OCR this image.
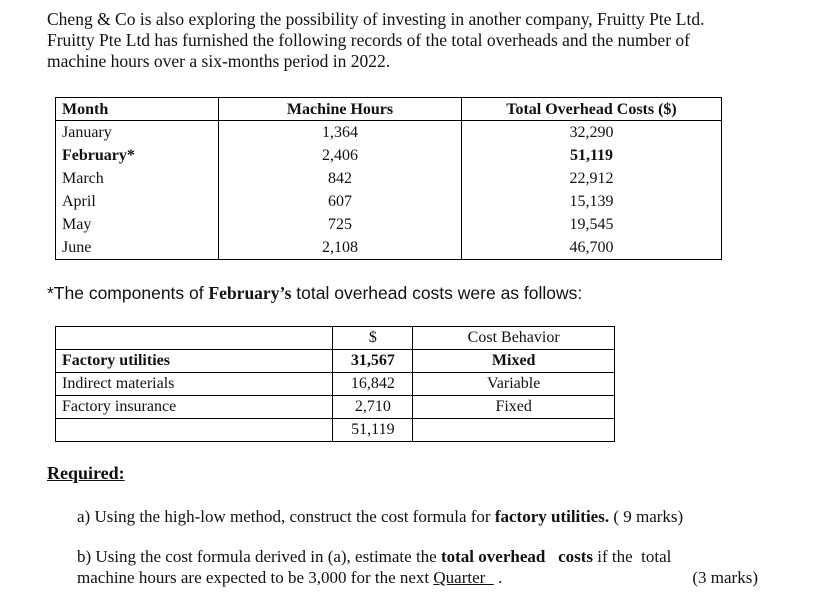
Cheng & Co is also exploring the possibility of investing in another company, Fruitty Pte Ltd.
Fruitty Pte Ltd has furnished the following records of the total overheads and the number of
machine hours over a six-months period in 2022.
Month	Machine Hours	Total Overhead Costs ($)
January	1,364	32,290
February*	2,406	51,119
March	842	22,912
April	607	15,139
May	725	19,545
June	2,108	46,700
*The components of February’s total overhead costs were as follows:
	$	Cost Behavior
Factory utilities	31,567	Mixed
Indirect materials	16,842	Variable
Factory insurance	2,710	Fixed
	51,119	
Required:
a) Using the high-low method, construct the cost formula for factory utilities. ( 9 marks)
b) Using the cost formula derived in (a), estimate the total overhead   costs if the  total
machine hours are expected to be 3,000 for the next Quarter   .	(3 marks)
